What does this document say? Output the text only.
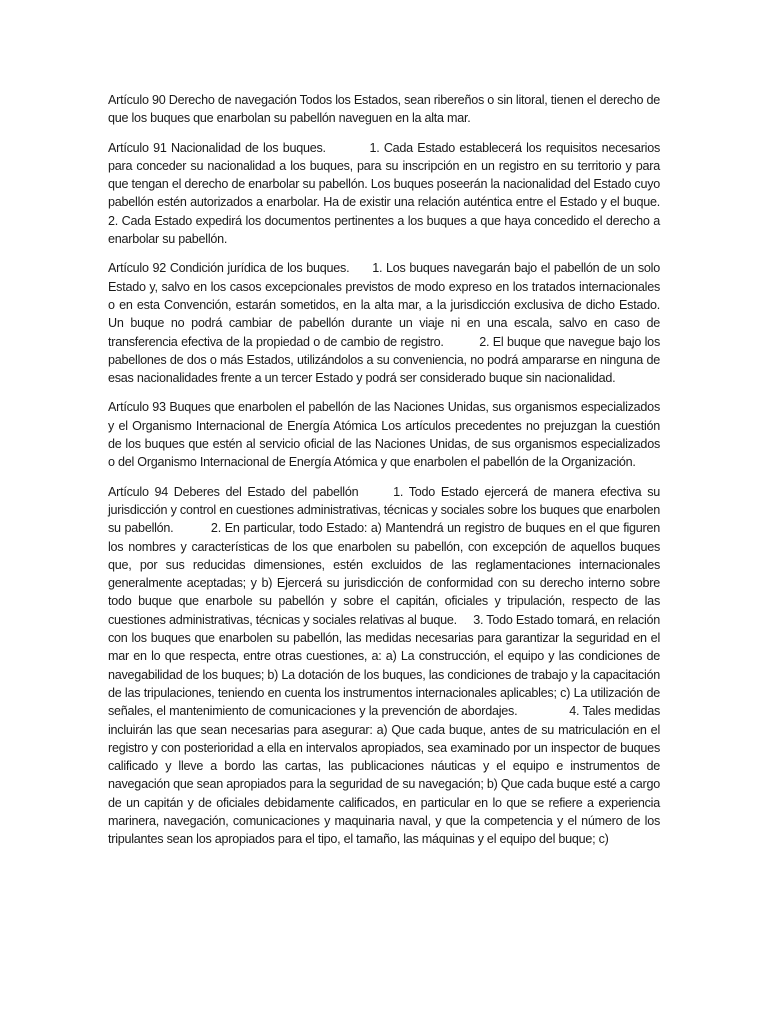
Artículo 90 Derecho de navegación Todos los Estados, sean ribereños o sin litoral, tienen el derecho de que los buques que enarbolan su pabellón naveguen en la alta mar.

Artículo 91 Nacionalidad de los buques.          1. Cada Estado establecerá los requisitos necesarios para conceder su nacionalidad a los buques, para su inscripción en un registro en su territorio y para que tengan el derecho de enarbolar su pabellón. Los buques poseerán la nacionalidad del Estado cuyo pabellón estén autorizados a enarbolar. Ha de existir una relación auténtica entre el Estado y el buque.     2. Cada Estado expedirá los documentos pertinentes a los buques a que haya concedido el derecho a enarbolar su pabellón.

Artículo 92 Condición jurídica de los buques.      1. Los buques navegarán bajo el pabellón de un solo Estado y, salvo en los casos excepcionales previstos de modo expreso en los tratados internacionales o en esta Convención, estarán sometidos, en la alta mar, a la jurisdicción exclusiva de dicho Estado. Un buque no podrá cambiar de pabellón durante un viaje ni en una escala, salvo en caso de transferencia efectiva de la propiedad o de cambio de registro.          2. El buque que navegue bajo los pabellones de dos o más Estados, utilizándolos a su conveniencia, no podrá ampararse en ninguna de esas nacionalidades frente a un tercer Estado y podrá ser considerado buque sin nacionalidad.

Artículo 93 Buques que enarbolen el pabellón de las Naciones Unidas, sus organismos especializados y el Organismo Internacional de Energía Atómica Los artículos precedentes no prejuzgan la cuestión de los buques que estén al servicio oficial de las Naciones Unidas, de sus organismos especializados o del Organismo Internacional de Energía Atómica y que enarbolen el pabellón de la Organización.

Artículo 94 Deberes del Estado del pabellón      1. Todo Estado ejercerá de manera efectiva su jurisdicción y control en cuestiones administrativas, técnicas y sociales sobre los buques que enarbolen su pabellón.          2. En particular, todo Estado: a) Mantendrá un registro de buques en el que figuren los nombres y características de los que enarbolen su pabellón, con excepción de aquellos buques que, por sus reducidas dimensiones, estén excluidos de las reglamentaciones internacionales generalmente aceptadas; y b) Ejercerá su jurisdicción de conformidad con su derecho interno sobre todo buque que enarbole su pabellón y sobre el capitán, oficiales y tripulación, respecto de las cuestiones administrativas, técnicas y sociales relativas al buque.     3. Todo Estado tomará, en relación con los buques que enarbolen su pabellón, las medidas necesarias para garantizar la seguridad en el mar en lo que respecta, entre otras cuestiones, a: a) La construcción, el equipo y las condiciones de navegabilidad de los buques; b) La dotación de los buques, las condiciones de trabajo y la capacitación de las tripulaciones, teniendo en cuenta los instrumentos internacionales aplicables; c) La utilización de señales, el mantenimiento de comunicaciones y la prevención de abordajes.               4. Tales medidas incluirán las que sean necesarias para asegurar: a) Que cada buque, antes de su matriculación en el registro y con posterioridad a ella en intervalos apropiados, sea examinado por un inspector de buques calificado y lleve a bordo las cartas, las publicaciones náuticas y el equipo e instrumentos de navegación que sean apropiados para la seguridad de su navegación; b) Que cada buque esté a cargo de un capitán y de oficiales debidamente calificados, en particular en lo que se refiere a experiencia marinera, navegación, comunicaciones y maquinaria naval, y que la competencia y el número de los tripulantes sean los apropiados para el tipo, el tamaño, las máquinas y el equipo del buque; c)
